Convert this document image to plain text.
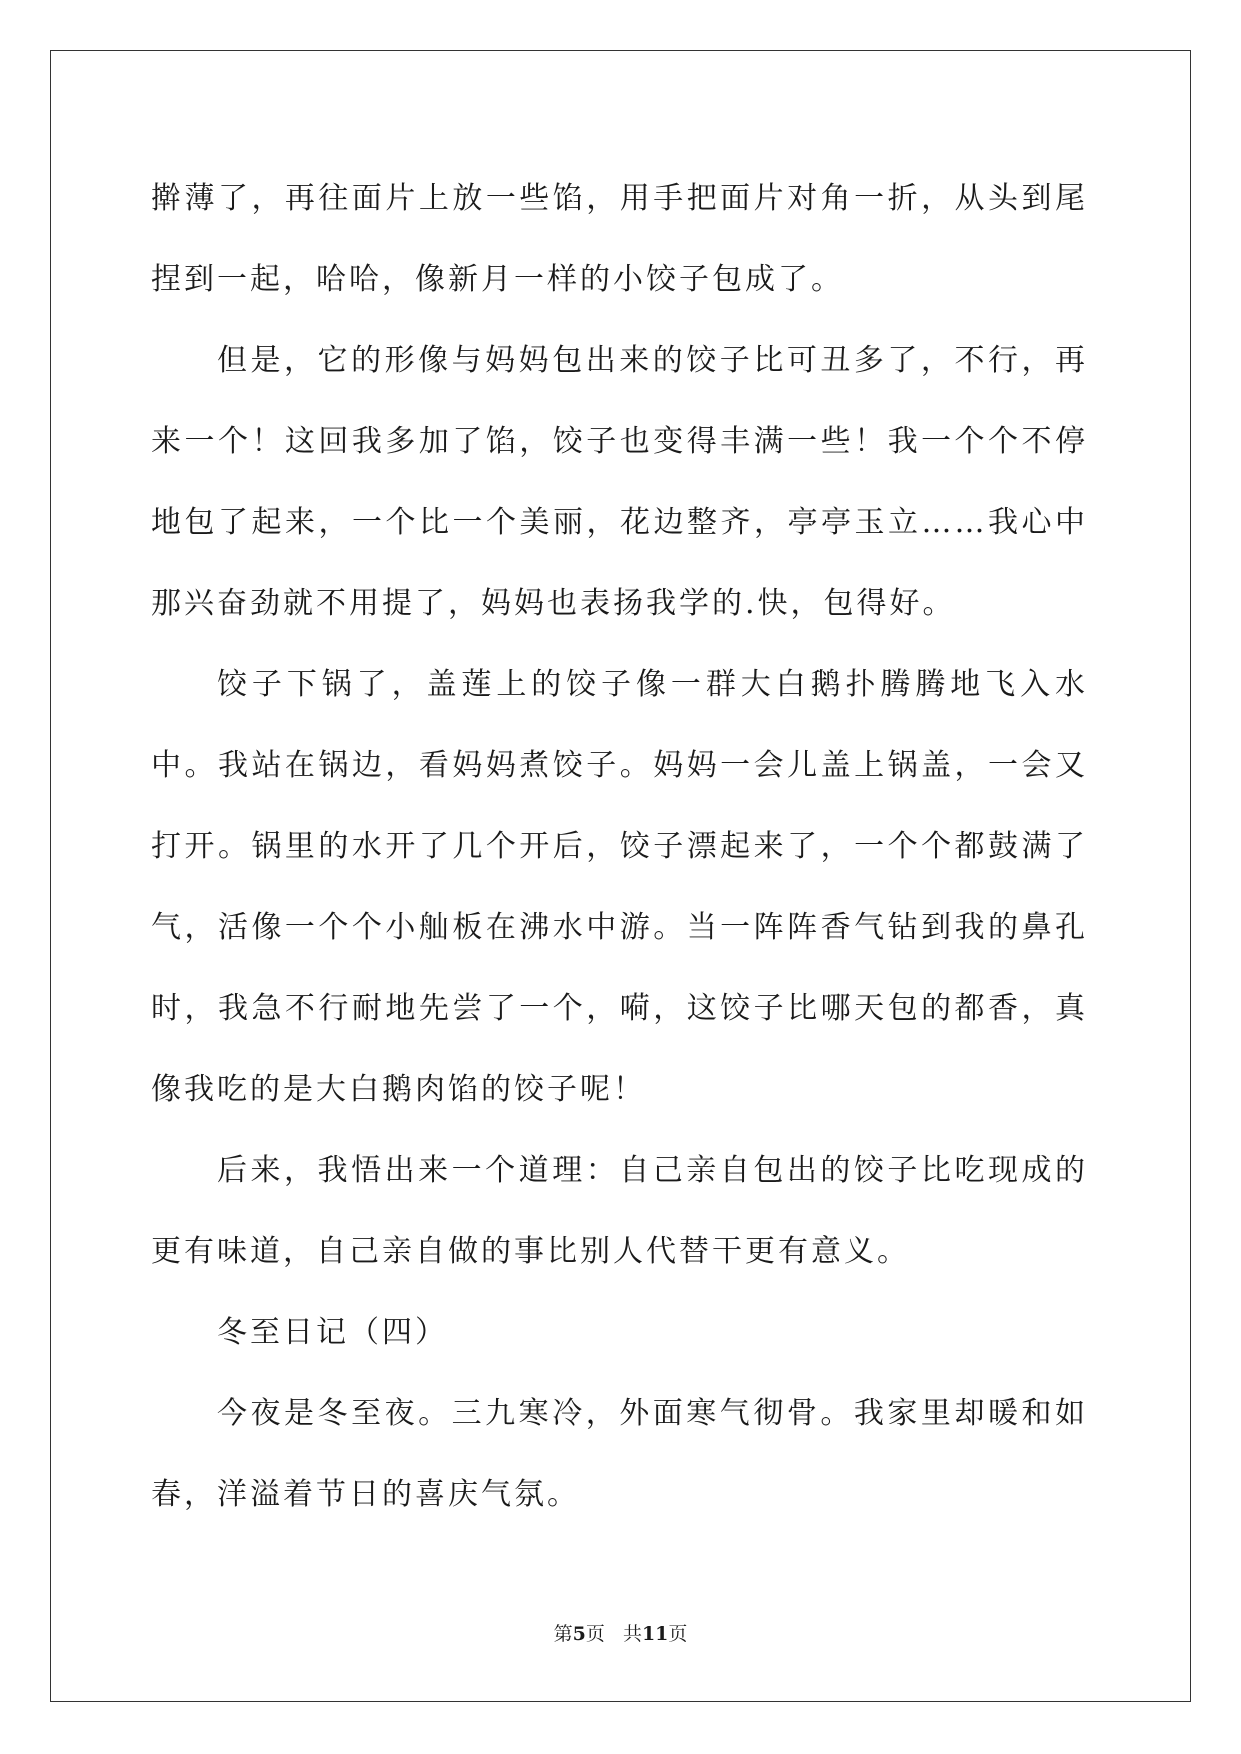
擀薄了，再往面片上放一些馅，用手把面片对角一折，从头到尾捏到一起，哈哈，像新月一样的小饺子包成了。

但是，它的形像与妈妈包出来的饺子比可丑多了，不行，再来一个！这回我多加了馅，饺子也变得丰满一些！我一个个不停地包了起来，一个比一个美丽，花边整齐，亭亭玉立……我心中那兴奋劲就不用提了，妈妈也表扬我学的.快，包得好。

饺子下锅了，盖莲上的饺子像一群大白鹅扑腾腾地飞入水中。我站在锅边，看妈妈煮饺子。妈妈一会儿盖上锅盖，一会又打开。锅里的水开了几个开后，饺子漂起来了，一个个都鼓满了气，活像一个个小舢板在沸水中游。当一阵阵香气钻到我的鼻孔时，我急不行耐地先尝了一个，嗬，这饺子比哪天包的都香，真像我吃的是大白鹅肉馅的饺子呢！

后来，我悟出来一个道理：自己亲自包出的饺子比吃现成的更有味道，自己亲自做的事比别人代替干更有意义。

冬至日记（四）

今夜是冬至夜。三九寒冷，外面寒气彻骨。我家里却暖和如春，洋溢着节日的喜庆气氛。

第5页   共11页
